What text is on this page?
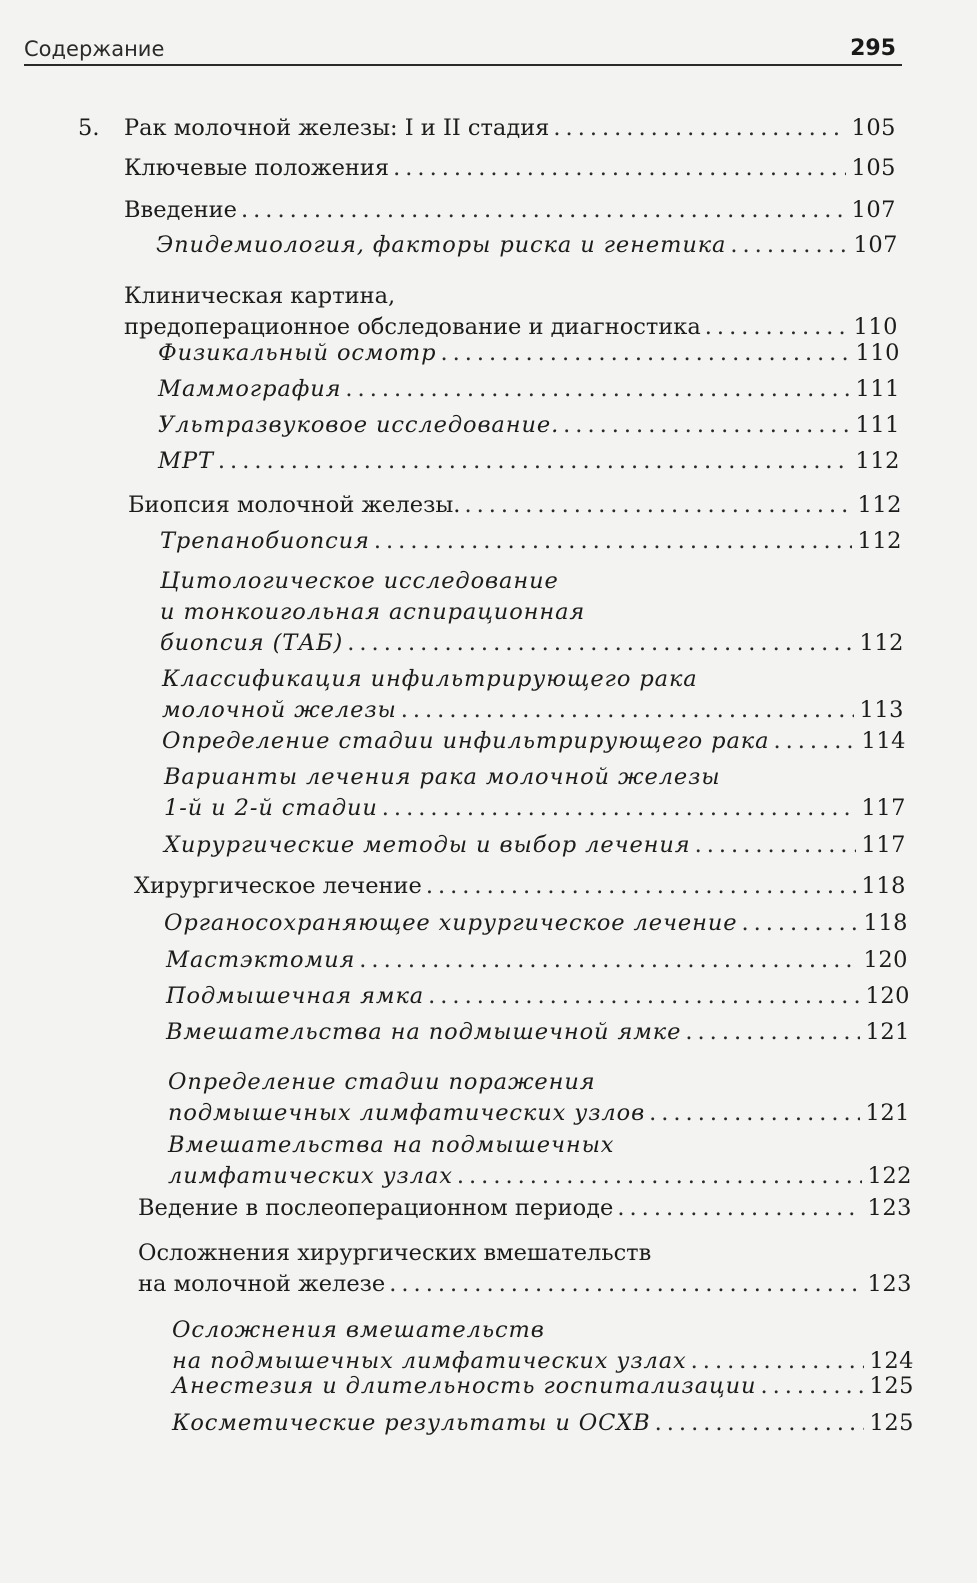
Содержание	295
5. Рак молочной железы: I и II стадия .....	105
Ключевые положения .....	105
Введение .....	107
Эпидемиология, факторы риска и генетика .....	107
Клиническая картина,
предоперационное обследование и диагностика .....	110
Физикальный осмотр .....	110
Маммография .....	111
Ультразвуковое исследование. .....	111
МРТ .....	112
Биопсия молочной железы. .....	112
Трепанобиопсия .....	112
Цитологическое исследование
и тонкоигольная аспирационная
биопсия (ТАБ) .....	112
Классификация инфильтрирующего рака
молочной железы .....	113
Определение стадии инфильтрирующего рака .....	114
Варианты лечения рака молочной железы
1-й и 2-й стадии .....	117
Хирургические методы и выбор лечения .....	117
Хирургическое лечение .....	118
Органосохраняющее хирургическое лечение .....	118
Мастэктомия .....	120
Подмышечная ямка .....	120
Вмешательства на подмышечной ямке .....	121
Определение стадии поражения
подмышечных лимфатических узлов .....	121
Вмешательства на подмышечных
лимфатических узлах .....	122
Ведение в послеоперационном периоде .....	123
Осложнения хирургических вмешательств
на молочной железе .....	123
Осложнения вмешательств
на подмышечных лимфатических узлах .....	124
Анестезия и длительность госпитализации .....	125
Косметические результаты и ОСХВ .....	125
